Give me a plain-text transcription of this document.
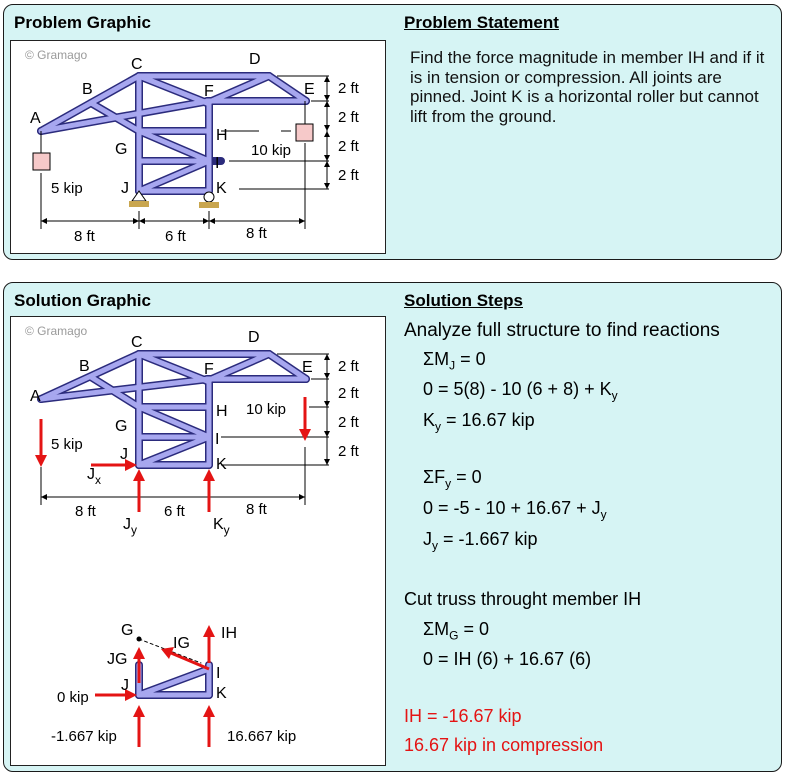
Problem Graphic	Problem Statement
Find the force magnitude in member IH and if it is in tension or compression. All joints are pinned. Joint K is a horizontal roller but cannot lift from the ground.
© Gramago
A
B
C	D
E
F
G
H
I
J	K
5 kip
10 kip
8 ft	6 ft	8 ft
2 ft
2 ft
2 ft
2 ft
Solution Graphic	Solution Steps
© Gramago
A
B
C	D
E
F
G
H
I
J
K
5 kip
10 kip
8 ft	6 ft	8 ft
2 ft
2 ft
2 ft
2 ft
$J_x$
$J_y$	$K_y$
G
IG
IH
JG
I
J	K
0 kip
-1.667 kip	16.667 kip
Analyze full structure to find reactions
$\Sigma M_J = 0$
0 = 5(8) - 10 $(6 + 8) + K_y$
$K_y = 16.67$ kip
$\Sigma F_y = 0$
$0 = -5 - 10 + 16.67 + J_y$
$J_y = -1.667$ kip
Cut truss throught member IH
$\Sigma M_G = 0$
0 = IH (6) + 16.67 (6)
IH = -16.67 kip
16.67 kip in compression
